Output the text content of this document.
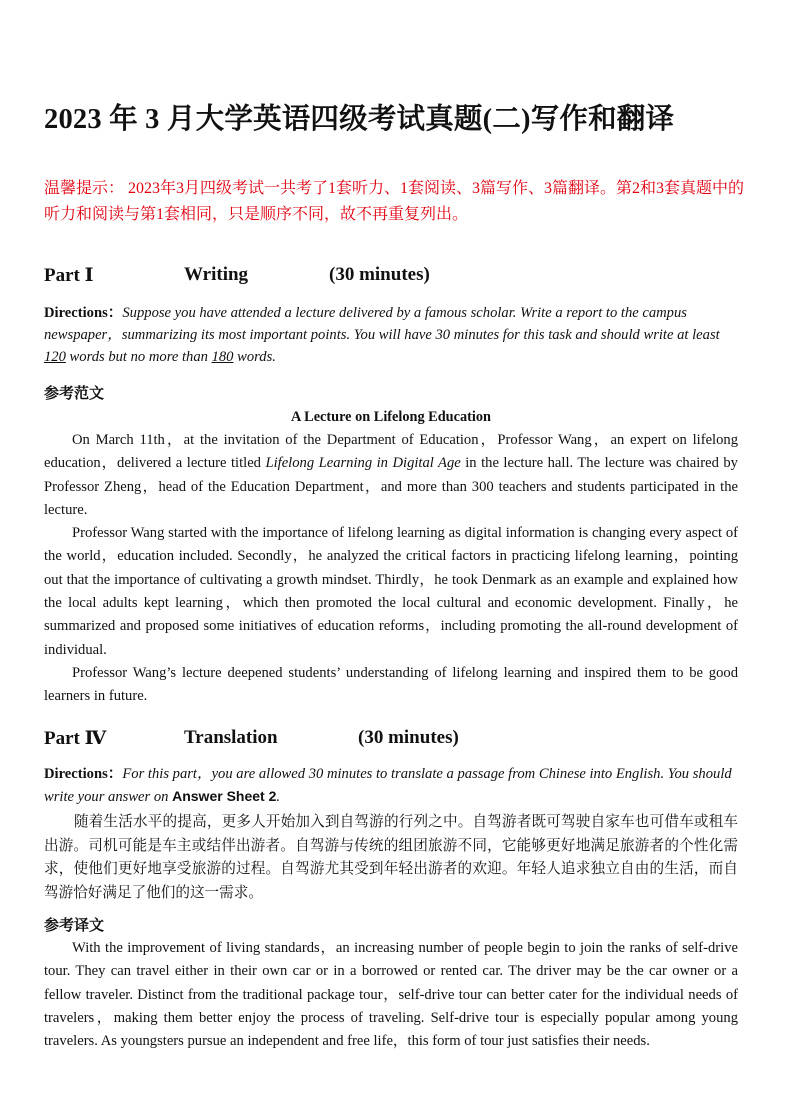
2023 年 3 月大学英语四级考试真题(二)写作和翻译
温馨提示： 2023年3月四级考试一共考了1套听力、1套阅读、3篇写作、3篇翻译。第2和3套真题中的听力和阅读与第1套相同，只是顺序不同，故不再重复列出。
Part Ⅰ	Writing	(30 minutes)
Directions：Suppose you have attended a lecture delivered by a famous scholar. Write a report to the campus newspaper，summarizing its most important points. You will have 30 minutes for this task and should write at least 120 words but no more than 180 words.
参考范文
A Lecture on Lifelong Education

On March 11th，at the invitation of the Department of Education，Professor Wang，an expert on lifelong education，delivered a lecture titled Lifelong Learning in Digital Age in the lecture hall. The lecture was chaired by Professor Zheng，head of the Education Department，and more than 300 teachers and students participated in the lecture.

Professor Wang started with the importance of lifelong learning as digital information is changing every aspect of the world，education included. Secondly，he analyzed the critical factors in practicing lifelong learning，pointing out that the importance of cultivating a growth mindset. Thirdly，he took Denmark as an example and explained how the local adults kept learning，which then promoted the local cultural and economic development. Finally，he summarized and proposed some initiatives of education reforms，including promoting the all-round development of individual.

Professor Wang’s lecture deepened students’ understanding of lifelong learning and inspired them to be good learners in future.

Part Ⅳ	Translation	(30 minutes)
Directions：For this part，you are allowed 30 minutes to translate a passage from Chinese into English. You should write your answer on Answer Sheet 2.
随着生活水平的提高，更多人开始加入到自驾游的行列之中。自驾游者既可驾驶自家车也可借车或租车出游。司机可能是车主或结伴出游者。自驾游与传统的组团旅游不同，它能够更好地满足旅游者的个性化需求，使他们更好地享受旅游的过程。自驾游尤其受到年轻出游者的欢迎。年轻人追求独立自由的生活，而自驾游恰好满足了他们的这一需求。
参考译文

With the improvement of living standards，an increasing number of people begin to join the ranks of self-drive tour. They can travel either in their own car or in a borrowed or rented car. The driver may be the car owner or a fellow traveler. Distinct from the traditional package tour，self-drive tour can better cater for the individual needs of travelers，making them better enjoy the process of traveling. Self-drive tour is especially popular among young travelers. As youngsters pursue an independent and free life，this form of tour just satisfies their needs.
